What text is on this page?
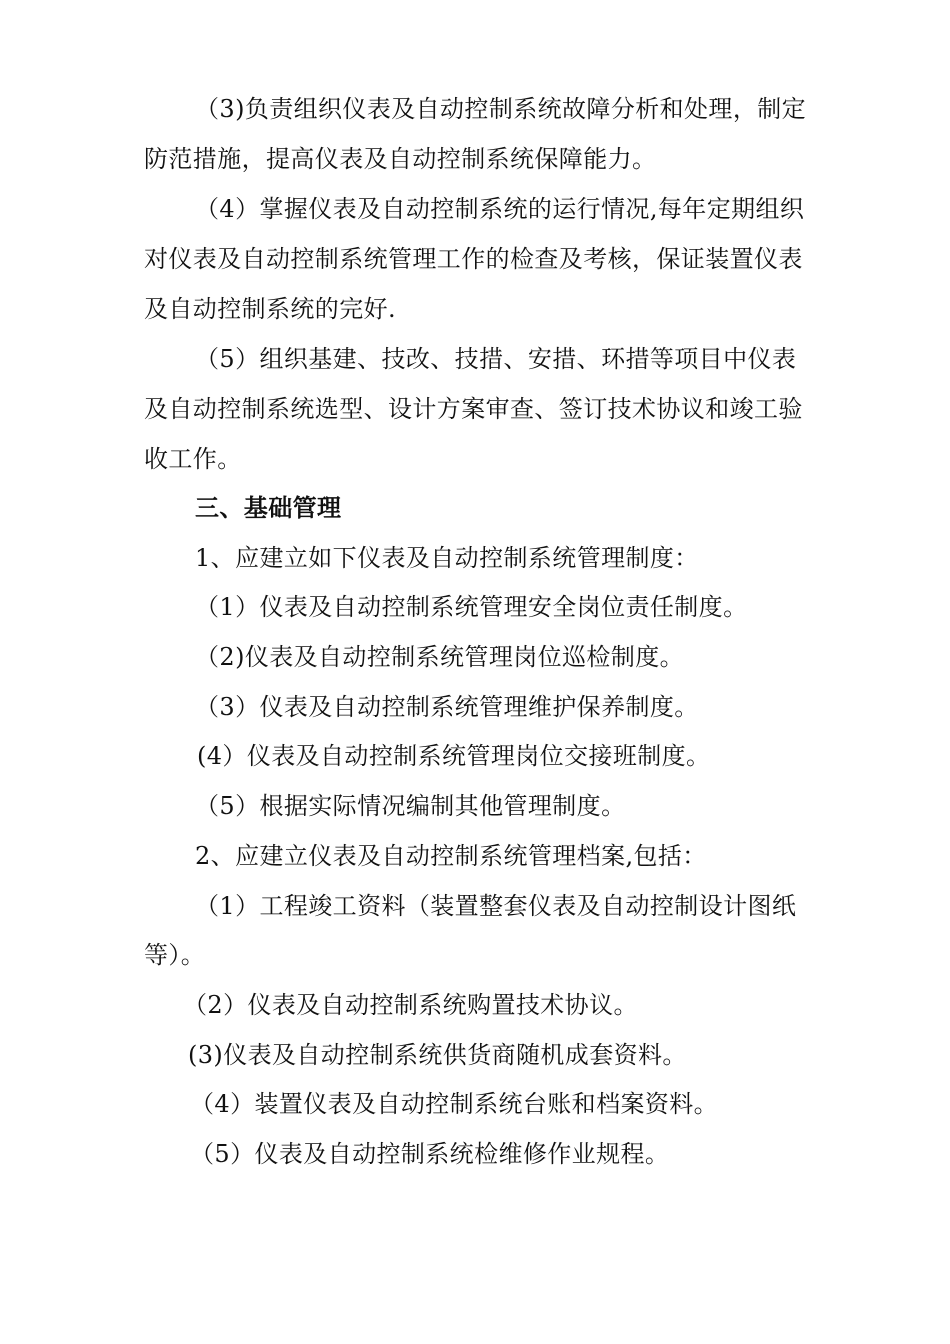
（3)负责组织仪表及自动控制系统故障分析和处理，制定
防范措施，提高仪表及自动控制系统保障能力。
（4）掌握仪表及自动控制系统的运行情况,每年定期组织
对仪表及自动控制系统管理工作的检查及考核，保证装置仪表
及自动控制系统的完好.
（5）组织基建、技改、技措、安措、环措等项目中仪表
及自动控制系统选型、设计方案审查、签订技术协议和竣工验
收工作。
三、基础管理
1、应建立如下仪表及自动控制系统管理制度：
（1）仪表及自动控制系统管理安全岗位责任制度。
（2)仪表及自动控制系统管理岗位巡检制度。
（3）仪表及自动控制系统管理维护保养制度。
(4）仪表及自动控制系统管理岗位交接班制度。
（5）根据实际情况编制其他管理制度。
2、应建立仪表及自动控制系统管理档案,包括：
（1）工程竣工资料（装置整套仪表及自动控制设计图纸
等）。
（2）仪表及自动控制系统购置技术协议。
(3)仪表及自动控制系统供货商随机成套资料。
（4）装置仪表及自动控制系统台账和档案资料。
（5）仪表及自动控制系统检维修作业规程。
